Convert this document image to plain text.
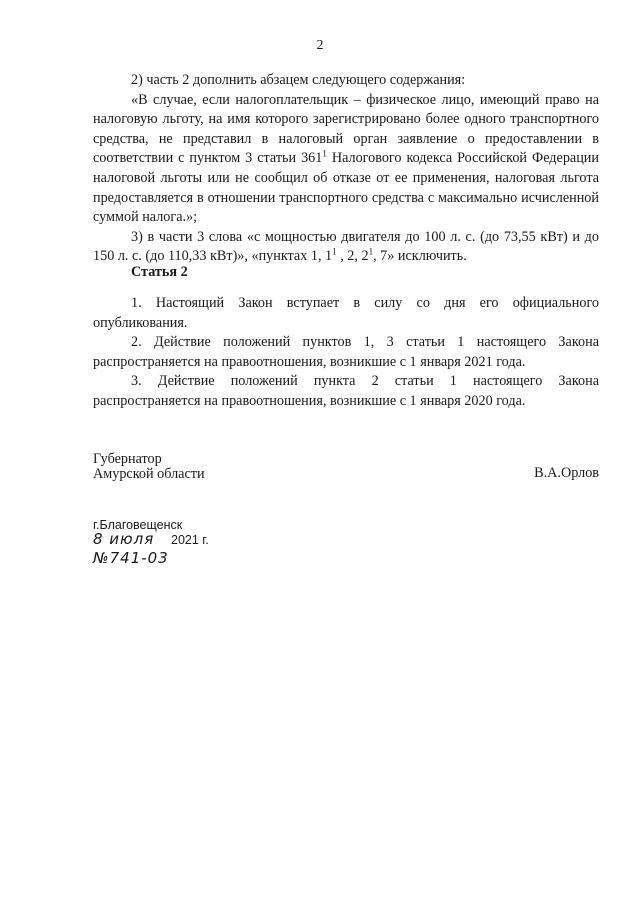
2

2) часть 2 дополнить абзацем следующего содержания:

«В случае, если налогоплательщик – физическое лицо, имеющий право на налоговую льготу, на имя которого зарегистрировано более одного транспортного средства, не представил в налоговый орган заявление о предоставлении в соответствии с пунктом 3 статьи $361^1$ Налогового кодекса Российской Федерации налоговой льготы или не сообщил об отказе от ее применения, налоговая льгота предоставляется в отношении транспортного средства с максимально исчисленной суммой налога.»;

3) в части 3 слова «с мощностью двигателя до 100 л. с. (до 73,55 кВт) и до 150 л. с. (до 110,33 кВт)», «пунктах 1, $1^1$ , 2, $2^1$, 7» исключить.

Статья 2

1. Настоящий Закон вступает в силу со дня его официального опубликования.

2. Действие положений пунктов 1, 3 статьи 1 настоящего Закона распространяется на правоотношения, возникшие с 1 января 2021 года.

3. Действие положений пункта 2 статьи 1 настоящего Закона распространяется на правоотношения, возникшие с 1 января 2020 года.

Губернатор
Амурской области	В.А.Орлов
г.Благовещенск
8 июля 2021 г.
№741-03
